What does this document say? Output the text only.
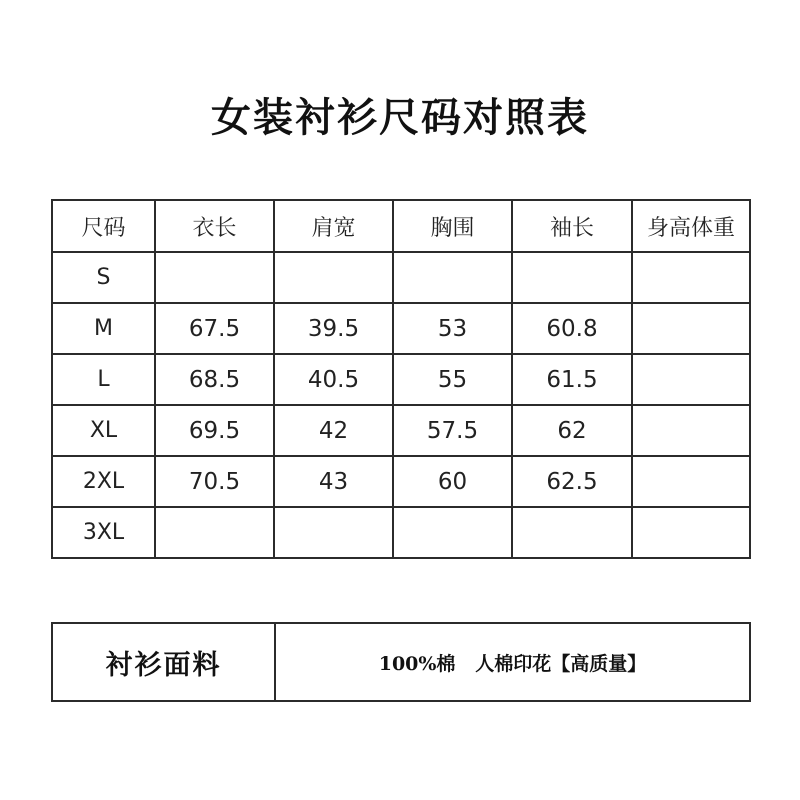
女装衬衫尺码对照表
尺码	衣长	肩宽	胸围	袖长	身高体重
S					
M	67.5	39.5	53	60.8	
L	68.5	40.5	55	61.5	
XL	69.5	42	57.5	62	
2XL	70.5	43	60	62.5	
3XL					
衬衫面料	100%棉   人棉印花【高质量】
